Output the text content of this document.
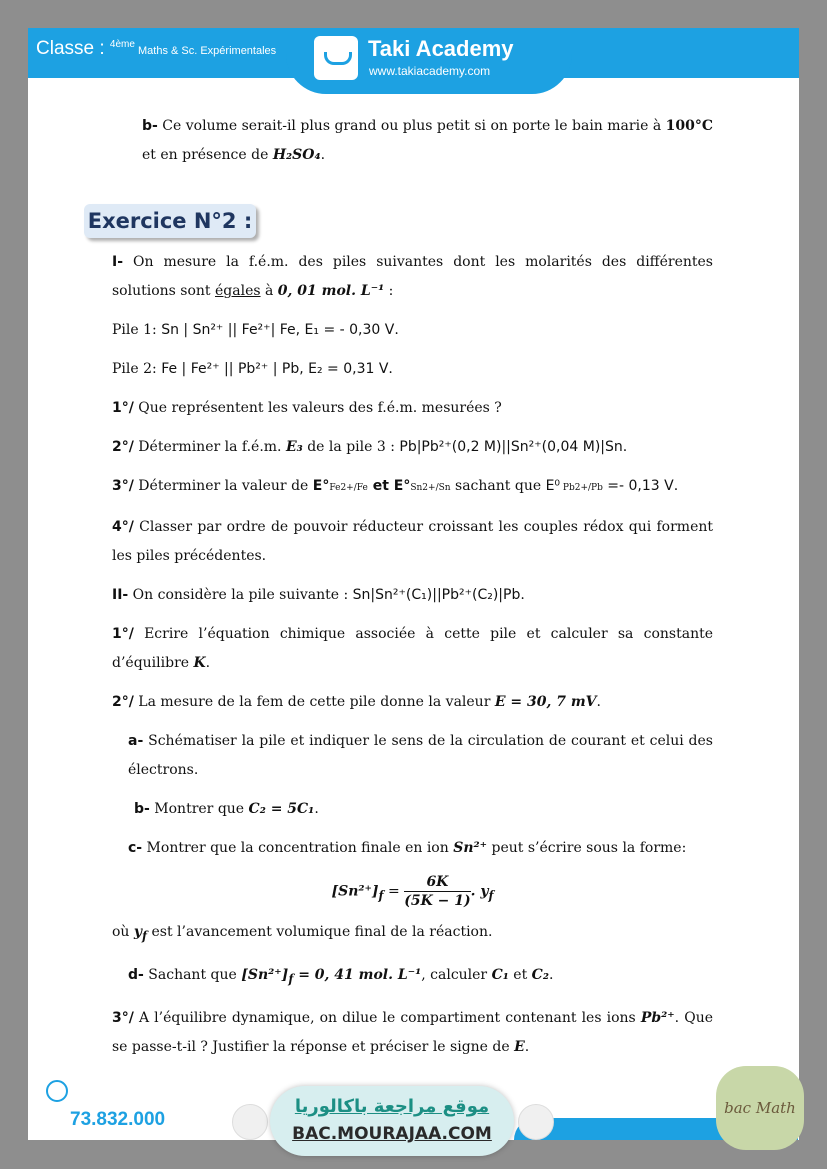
Classe : $^{4ème}$ Maths & Sc. Expérimentales	Taki Academy
www.takiacademy.com
Exercice N°2 :

b- Ce volume serait-il plus grand ou plus petit si on porte le bain marie à 100°C et en présence de H₂SO₄.

I- On mesure la f.é.m. des piles suivantes dont les molarités des différentes solutions sont égales à 0, 01 mol. L⁻¹ :

Pile 1: Sn | Sn²⁺ || Fe²⁺| Fe, E₁ = - 0,30 V.

Pile 2: Fe | Fe²⁺ || Pb²⁺ | Pb, E₂ = 0,31 V.

1°/ Que représentent les valeurs des f.é.m. mesurées ?

2°/ Déterminer la f.é.m. E₃ de la pile 3 : Pb|Pb²⁺(0,2 M)||Sn²⁺(0,04 M)|Sn.

3°/ Déterminer la valeur de E°Fe2+/Fe et E°Sn2+/Sn sachant que E⁰ Pb2+/Pb =- 0,13 V.

4°/ Classer par ordre de pouvoir réducteur croissant les couples rédox qui forment les piles précédentes.

II- On considère la pile suivante : Sn|Sn²⁺(C₁)||Pb²⁺(C₂)|Pb.

1°/ Ecrire l’équation chimique associée à cette pile et calculer sa constante d’équilibre K.

2°/ La mesure de la fem de cette pile donne la valeur E = 30, 7 mV.

a- Schématiser la pile et indiquer le sens de la circulation de courant et celui des électrons.

b- Montrer que C₂ = 5C₁.

c- Montrer que la concentration finale en ion Sn²⁺ peut s’écrire sous la forme:

$[Sn^{2+}]_f = \frac{6K}{(5K - 1)}$ . $y_f$

où $y_f$ est l’avancement volumique final de la réaction.

d- Sachant que $[Sn^{2+}]_f = 0$, 41 mol. L⁻¹, calculer C₁ et C₂.

3°/ A l’équilibre dynamique, on dilue le compartiment contenant les ions Pb²⁺. Que se passe-t-il ? Justifier la réponse et préciser le signe de E.

73.832.000
موقع مراجعة باكالوريا
BAC.MOURAJAA.COM
bac Math
